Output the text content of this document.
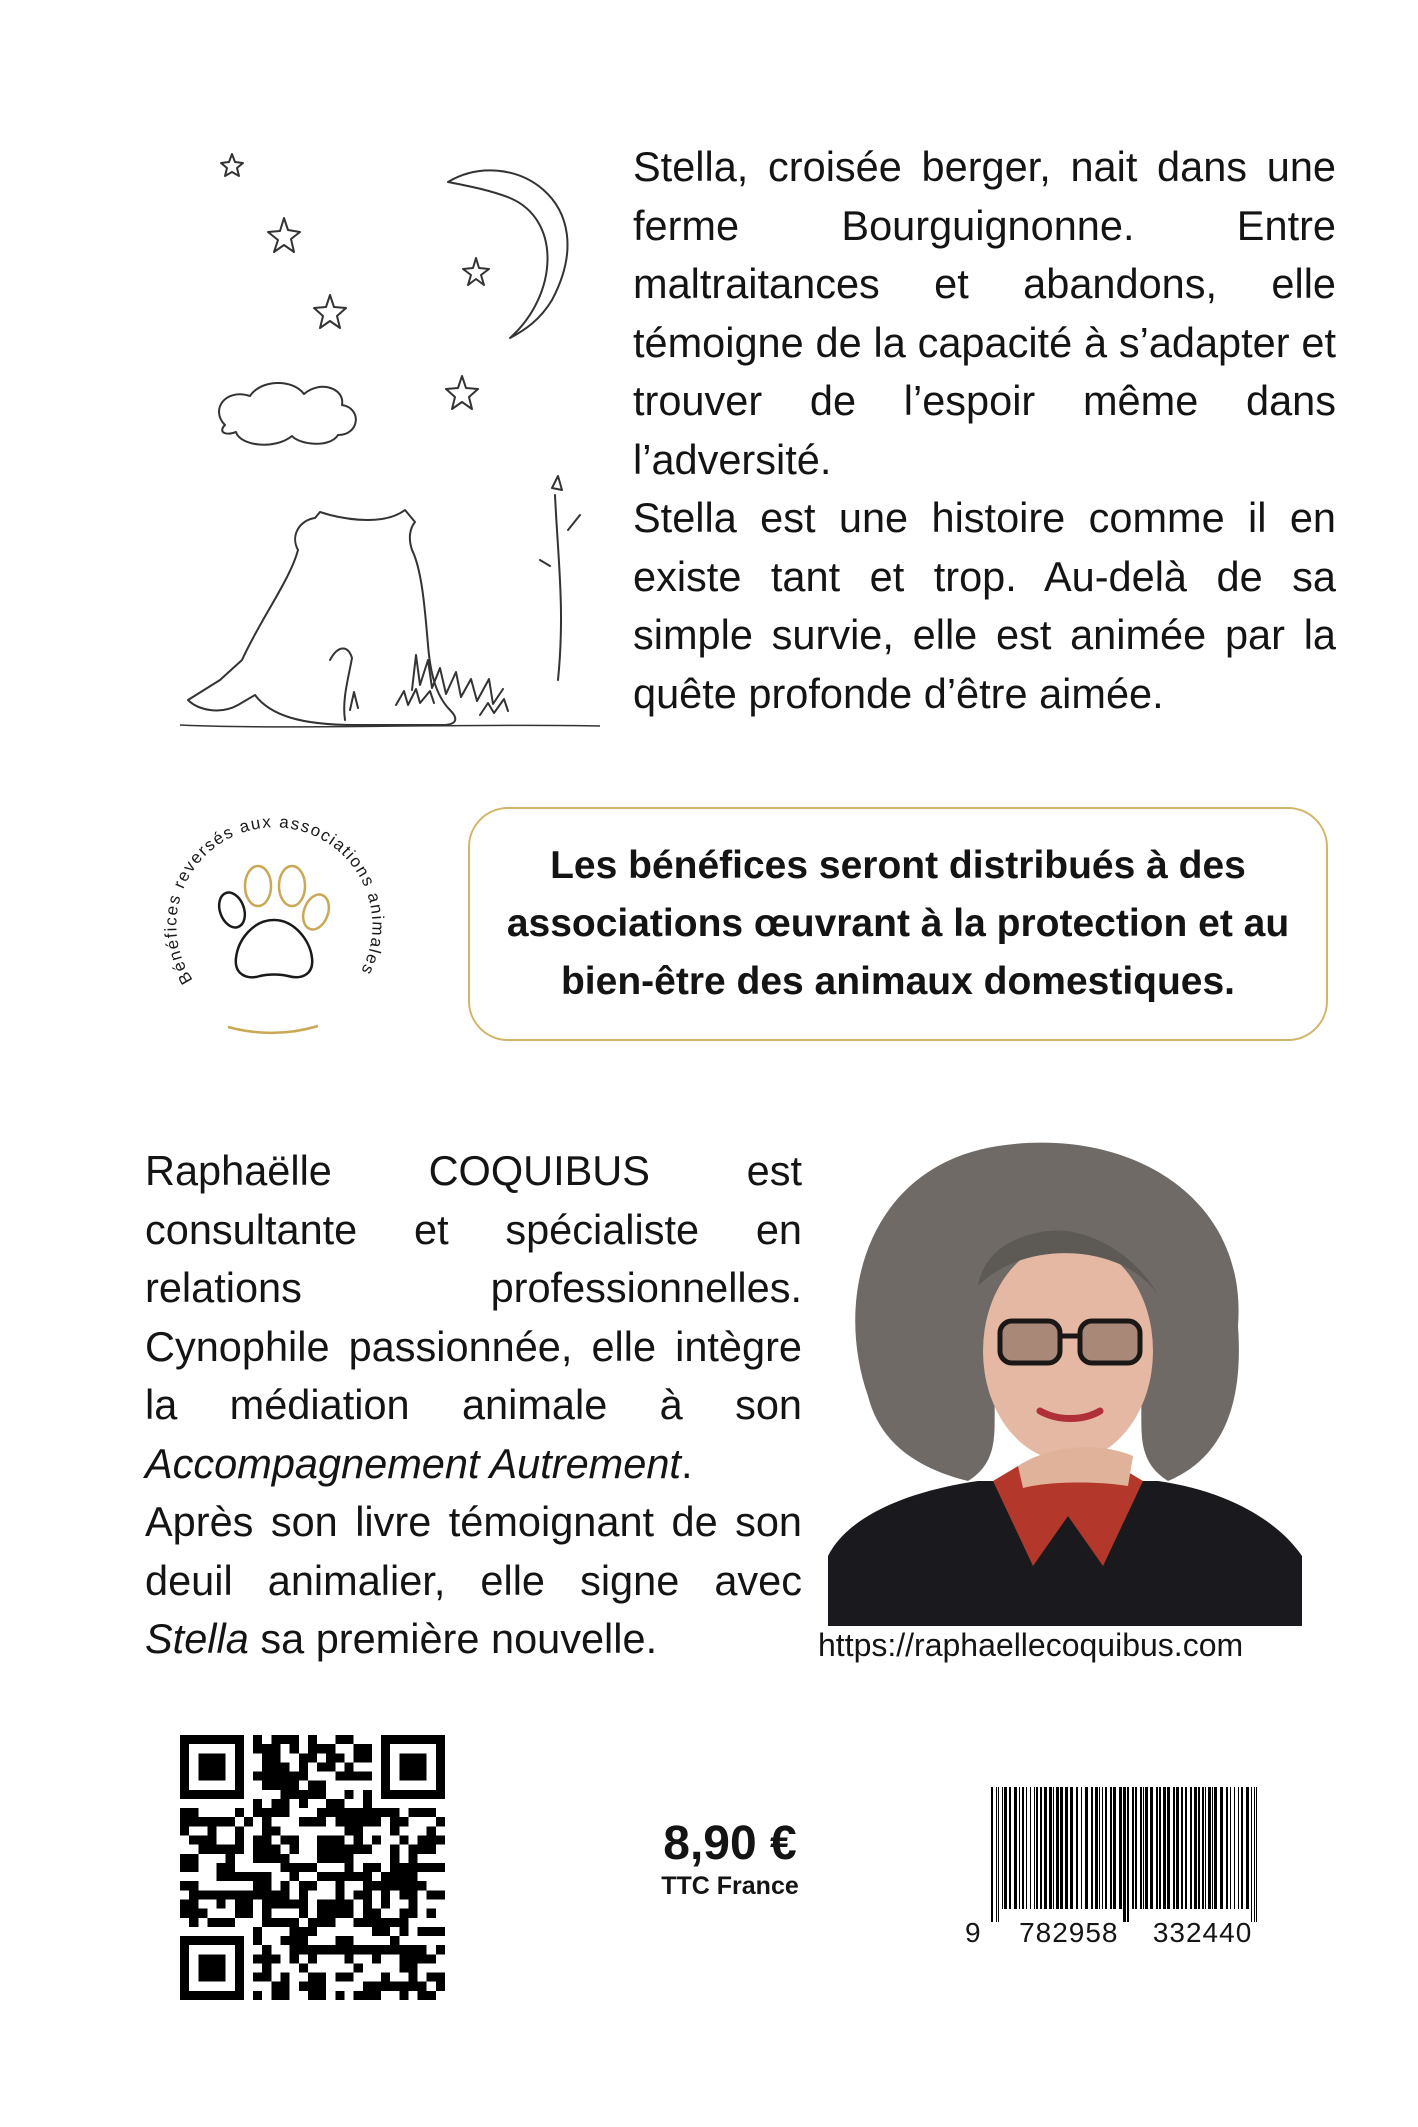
Stella, croisée berger, nait dans une ferme Bourguignonne. Entre maltraitances et abandons, elle témoigne de la capacité à s’adapter et trouver de l’espoir même dans l’adversité.

Stella est une histoire comme il en existe tant et trop. Au-delà de sa simple survie, elle est animée par la quête profonde d’être aimée.

Bénéfices reversés aux associations animales
Les bénéfices seront distribués à des associations œuvrant à la protection et au bien-être des animaux domestiques.

Raphaëlle COQUIBUS est consultante et spécialiste en relations professionnelles. Cynophile passionnée, elle intègre la médiation animale à son Accompagnement Autrement.

Après son livre témoignant de son deuil animalier, elle signe avec Stella sa première nouvelle.	https://raphaellecoquibus.com
8,90 €
TTC France
9 782958 332440
